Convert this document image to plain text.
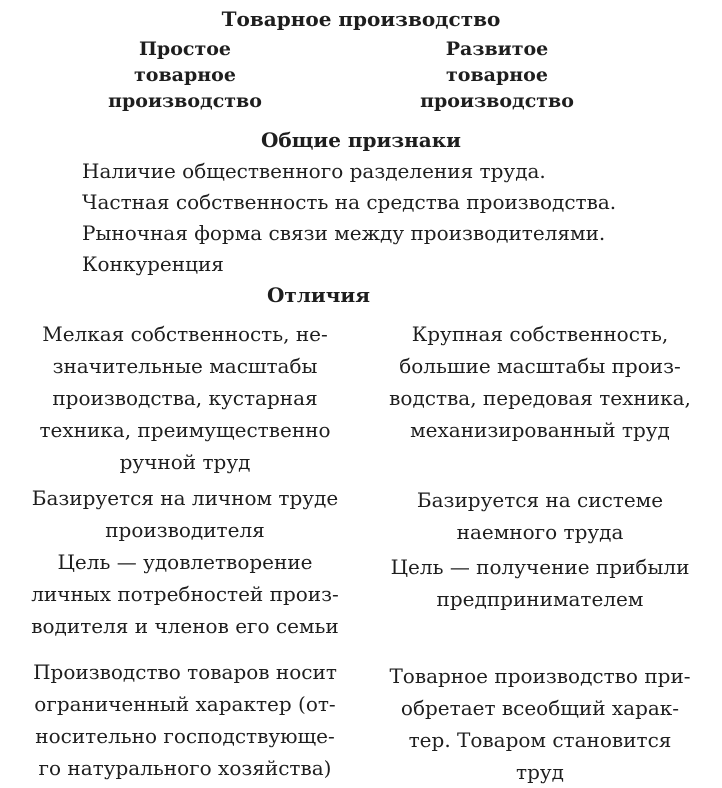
Товарное производство
Простое
товарное
производство
Развитое
товарное
производство
Общие признаки
Наличие общественного разделения труда.
Частная собственность на средства производства.
Рыночная форма связи между производителями.
Конкуренция
Отличия
Мелкая собственность, не-
значительные масштабы
производства, кустарная
техника, преимущественно
ручной труд
Крупная собственность,
большие масштабы произ-
водства, передовая техника,
механизированный труд
Базируется на личном труде
производителя
Базируется на системе
наемного труда
Цель — удовлетворение
личных потребностей произ-
водителя и членов его семьи
Цель — получение прибыли
предпринимателем
Производство товаров носит
ограниченный характер (от-
носительно господствующе-
го натурального хозяйства)
Товарное производство при-
обретает всеобщий харак-
тер. Товаром становится
труд
